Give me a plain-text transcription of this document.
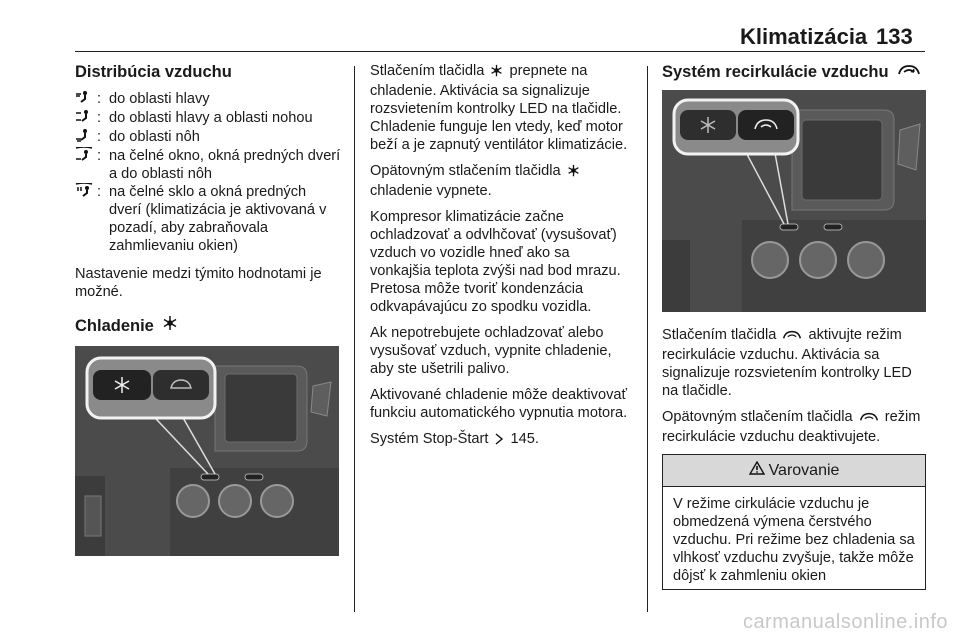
Klimatizácia 133
Distribúcia vzduchu
: do oblasti hlavy
: do oblasti hlavy a oblasti nohou
: do oblasti nôh
: na čelné okno, okná predných dverí a do oblasti nôh
: na čelné sklo a okná predných dverí (klimatizácia je aktivovaná v pozadí, aby zabraňovala zahmlievaniu okien)

Nastavenie medzi týmito hodnotami je možné.

Chladenie

Stlačením tlačidla prepnete na chladenie. Aktivácia sa signalizuje rozsvietením kontrolky LED na tlačidle. Chladenie funguje len vtedy, keď motor beží a je zapnutý ventilátor klimatizácie.

Opätovným stlačením tlačidla  chladenie vypnete.

Kompresor klimatizácie začne ochladzovať a odvlhčovať (vysušovať) vzduch vo vozidle hneď ako sa vonkajšia teplota zvýši nad bod mrazu. Pretosa môže tvoriť kondenzácia odkvapávajúcu zo spodku vozidla.

Ak nepotrebujete ochladzovať alebo vysušovať vzduch, vypnite chladenie, aby ste ušetrili palivo.

Aktivované chladenie môže deaktivovať funkciu automatického vypnutia motora.

Systém Stop-Štart 145.

Systém recirkulácie vzduchu

Stlačením tlačidla aktivujte režim recirkulácie vzduchu. Aktivácia sa signalizuje rozsvietením kontrolky LED na tlačidle.

Opätovným stlačením tlačidla režim recirkulácie vzduchu deaktivujete.

Varovanie
V režime cirkulácie vzduchu je obmedzená výmena čerstvého vzduchu. Pri režime bez chladenia sa vlhkosť vzduchu zvyšuje, takže môže dôjsť k zahmleniu okien
carmanualsonline.info
